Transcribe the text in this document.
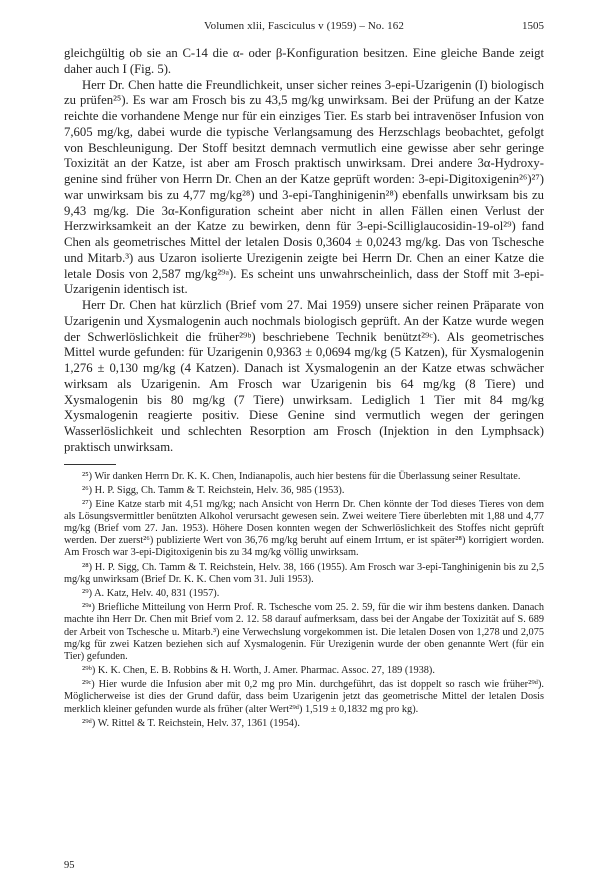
Volumen xlii, Fasciculus v (1959) – No. 162	1505

gleichgültig ob sie an C-14 die α- oder β-Konfiguration besitzen. Eine gleiche Bande zeigt daher auch I (Fig. 5).

Herr Dr. Chen hatte die Freundlichkeit, unser sicher reines 3-epi-Uzarigenin (I) biologisch zu prüfen²⁵). Es war am Frosch bis zu 43,5 mg/kg unwirksam. Bei der Prüfung an der Katze reichte die vorhandene Menge nur für ein einziges Tier. Es starb bei intravenöser Infusion von 7,605 mg/kg, dabei wurde die typische Verlangsamung des Herzschlags beobachtet, gefolgt von Beschleunigung. Der Stoff besitzt demnach vermutlich eine gewisse aber sehr geringe Toxizität an der Katze, ist aber am Frosch praktisch unwirksam. Drei andere 3α-Hydroxy-genine sind früher von Herrn Dr. Chen an der Katze geprüft worden: 3-epi-Digitoxigenin²⁶)²⁷) war unwirksam bis zu 4,77 mg/kg²⁸) und 3-epi-Tanghinigenin²⁸) ebenfalls unwirksam bis zu 9,43 mg/kg. Die 3α-Konfiguration scheint aber nicht in allen Fällen einen Verlust der Herzwirksamkeit an der Katze zu bewirken, denn für 3-epi-Scilliglaucosidin-19-ol²⁹) fand Chen als geometrisches Mittel der letalen Dosis 0,3604 ± 0,0243 mg/kg. Das von Tschesche und Mitarb.³) aus Uzaron isolierte Urezigenin zeigte bei Herrn Dr. Chen an einer Katze die letale Dosis von 2,587 mg/kg²⁹ᵃ). Es scheint uns unwahrscheinlich, dass der Stoff mit 3-epi-Uzarigenin identisch ist.

Herr Dr. Chen hat kürzlich (Brief vom 27. Mai 1959) unsere sicher reinen Präparate von Uzarigenin und Xysmalogenin auch nochmals biologisch geprüft. An der Katze wurde wegen der Schwerlöslichkeit die früher²⁹ᵇ) beschriebene Technik benützt²⁹ᶜ). Als geometrisches Mittel wurde gefunden: für Uzarigenin 0,9363 ± 0,0694 mg/kg (5 Katzen), für Xysmalogenin 1,276 ± 0,130 mg/kg (4 Katzen). Danach ist Xysmalogenin an der Katze etwas schwächer wirksam als Uzarigenin. Am Frosch war Uzarigenin bis 64 mg/kg (8 Tiere) und Xysmalogenin bis 80 mg/kg (7 Tiere) unwirksam. Lediglich 1 Tier mit 84 mg/kg Xysmalogenin reagierte positiv. Diese Genine sind vermutlich wegen der geringen Wasserlöslichkeit und schlechten Resorption am Frosch (Injektion in den Lymphsack) praktisch unwirksam.

²⁵) Wir danken Herrn Dr. K. K. Chen, Indianapolis, auch hier bestens für die Überlassung seiner Resultate.

²⁶) H. P. Sigg, Ch. Tamm & T. Reichstein, Helv. 36, 985 (1953).

²⁷) Eine Katze starb mit 4,51 mg/kg; nach Ansicht von Herrn Dr. Chen könnte der Tod dieses Tieres von dem als Lösungsvermittler benützten Alkohol verursacht gewesen sein. Zwei weitere Tiere überlebten mit 1,88 und 4,77 mg/kg (Brief vom 27. Jan. 1953). Höhere Dosen konnten wegen der Schwerlöslichkeit des Stoffes nicht geprüft werden. Der zuerst²⁶) publizierte Wert von 36,76 mg/kg beruht auf einem Irrtum, er ist später²⁸) korrigiert worden. Am Frosch war 3-epi-Digitoxigenin bis zu 34 mg/kg völlig unwirksam.

²⁸) H. P. Sigg, Ch. Tamm & T. Reichstein, Helv. 38, 166 (1955). Am Frosch war 3-epi-Tanghinigenin bis zu 2,5 mg/kg unwirksam (Brief Dr. K. K. Chen vom 31. Juli 1953).

²⁹) A. Katz, Helv. 40, 831 (1957).

²⁹ᵃ) Briefliche Mitteilung von Herrn Prof. R. Tschesche vom 25. 2. 59, für die wir ihm bestens danken. Danach machte ihn Herr Dr. Chen mit Brief vom 2. 12. 58 darauf aufmerksam, dass bei der Angabe der Toxizität auf S. 689 der Arbeit von Tschesche u. Mitarb.³) eine Verwechslung vorgekommen ist. Die letalen Dosen von 1,278 und 2,075 mg/kg für zwei Katzen beziehen sich auf Xysmalogenin. Für Urezigenin wurde der oben genannte Wert (für ein Tier) gefunden.

²⁹ᵇ) K. K. Chen, E. B. Robbins & H. Worth, J. Amer. Pharmac. Assoc. 27, 189 (1938).

²⁹ᶜ) Hier wurde die Infusion aber mit 0,2 mg pro Min. durchgeführt, das ist doppelt so rasch wie früher²⁹ᵈ). Möglicherweise ist dies der Grund dafür, dass beim Uzarigenin jetzt das geometrische Mittel der letalen Dosis merklich kleiner gefunden wurde als früher (alter Wert²⁹ᵈ) 1,519 ± 0,1832 mg pro kg).

²⁹ᵈ) W. Rittel & T. Reichstein, Helv. 37, 1361 (1954).

95
